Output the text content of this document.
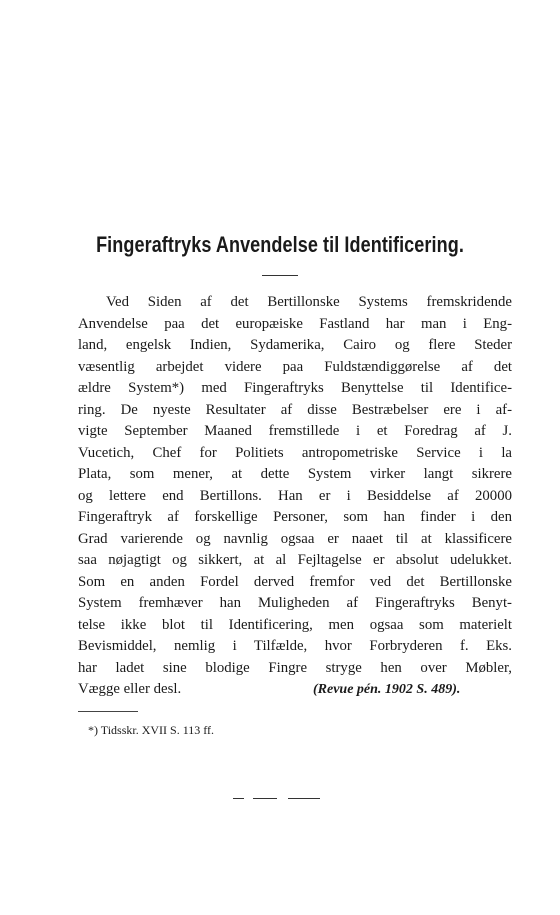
Fingeraftryks Anvendelse til Identificering.
Ved Siden af det Bertillonske Systems fremskridende
Anvendelse paa det europæiske Fastland har man i Eng-
land, engelsk Indien, Sydamerika, Cairo og flere Steder
væsentlig arbejdet videre paa Fuldstændiggørelse af det
ældre System*) med Fingeraftryks Benyttelse til Identifice-
ring. De nyeste Resultater af disse Bestræbelser ere i af-
vigte September Maaned fremstillede i et Foredrag af J.
Vucetich, Chef for Politiets antropometriske Service i la
Plata, som mener, at dette System virker langt sikrere
og lettere end Bertillons. Han er i Besiddelse af 20000
Fingeraftryk af forskellige Personer, som han finder i den
Grad varierende og navnlig ogsaa er naaet til at klassificere
saa nøjagtigt og sikkert, at al Fejltagelse er absolut udelukket.
Som en anden Fordel derved fremfor ved det Bertillonske
System fremhæver han Muligheden af Fingeraftryks Benyt-
telse ikke blot til Identificering, men ogsaa som materielt
Bevismiddel, nemlig i Tilfælde, hvor Forbryderen f. Eks.
har ladet sine blodige Fingre stryge hen over Møbler,
Vægge eller desl.	(Revue pén. 1902 S. 489).
*) Tidsskr. XVII S. 113 ff.
